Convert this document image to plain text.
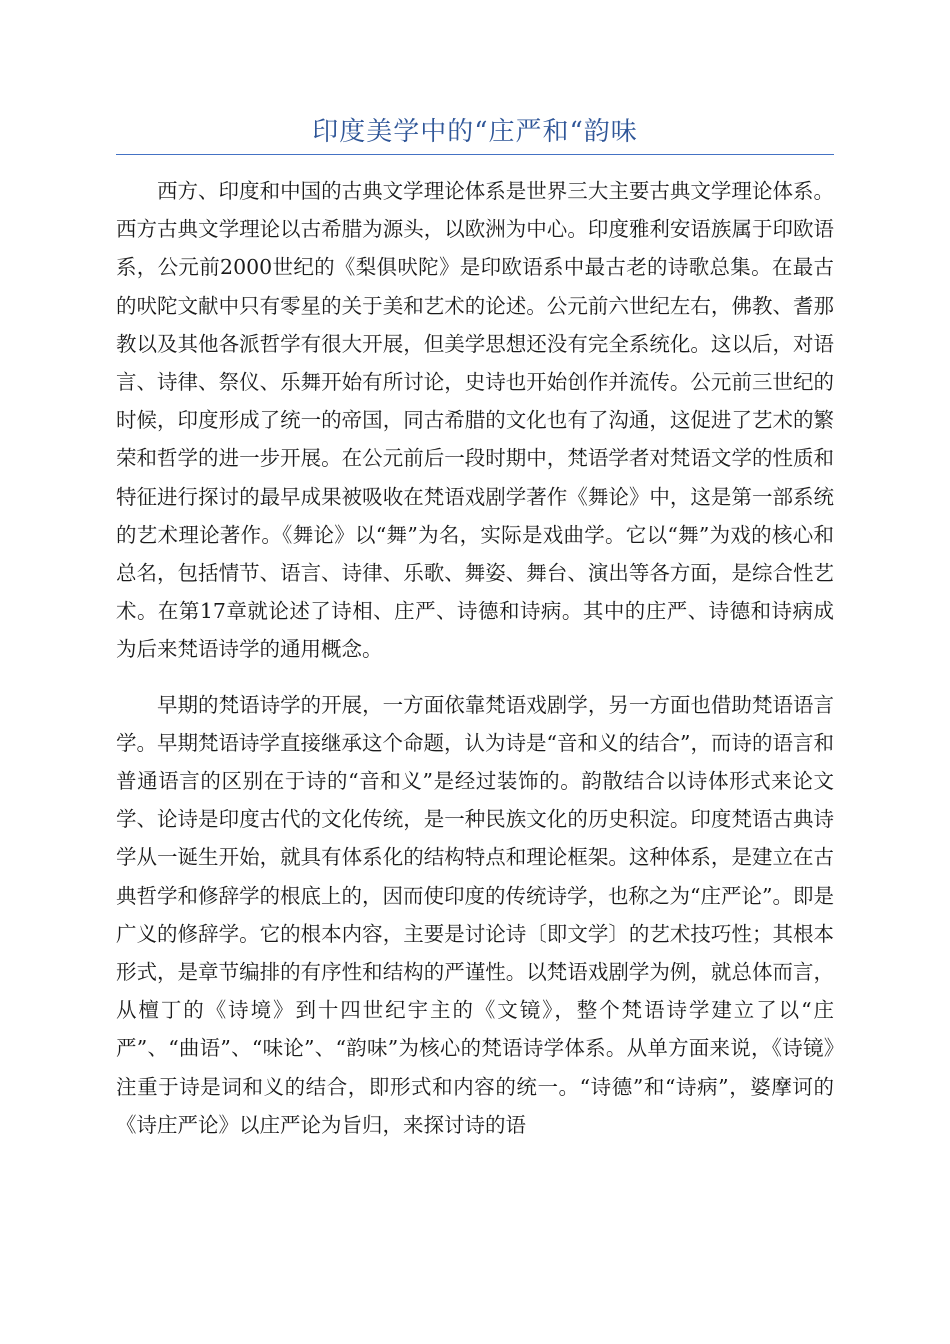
印度美学中的“庄严和“韵味

西方、印度和中国的古典文学理论体系是世界三大主要古典文学理论体系。西方古典文学理论以古希腊为源头，以欧洲为中心。印度雅利安语族属于印欧语系，公元前2000世纪的《梨俱吠陀》是印欧语系中最古老的诗歌总集。在最古的吠陀文献中只有零星的关于美和艺术的论述。公元前六世纪左右，佛教、耆那教以及其他各派哲学有很大开展，但美学思想还没有完全系统化。这以后，对语言、诗律、祭仪、乐舞开始有所讨论，史诗也开始创作并流传。公元前三世纪的时候，印度形成了统一的帝国，同古希腊的文化也有了沟通，这促进了艺术的繁荣和哲学的进一步开展。在公元前后一段时期中，梵语学者对梵语文学的性质和特征进行探讨的最早成果被吸收在梵语戏剧学著作《舞论》中，这是第一部系统的艺术理论著作。《舞论》以“舞”为名，实际是戏曲学。它以“舞”为戏的核心和总名，包括情节、语言、诗律、乐歌、舞姿、舞台、演出等各方面，是综合性艺术。在第17章就论述了诗相、庄严、诗德和诗病。其中的庄严、诗德和诗病成为后来梵语诗学的通用概念。

早期的梵语诗学的开展，一方面依靠梵语戏剧学，另一方面也借助梵语语言学。早期梵语诗学直接继承这个命题，认为诗是“音和义的结合”，而诗的语言和普通语言的区别在于诗的“音和义”是经过装饰的。韵散结合以诗体形式来论文学、论诗是印度古代的文化传统，是一种民族文化的历史积淀。印度梵语古典诗学从一诞生开始，就具有体系化的结构特点和理论框架。这种体系，是建立在古典哲学和修辞学的根底上的，因而使印度的传统诗学，也称之为“庄严论”。即是广义的修辞学。它的根本内容，主要是讨论诗〔即文学〕的艺术技巧性；其根本形式，是章节编排的有序性和结构的严谨性。以梵语戏剧学为例，就总体而言，从檀丁的《诗境》到十四世纪宇主的《文镜》，整个梵语诗学建立了以“庄严”、“曲语”、“味论”、“韵味”为核心的梵语诗学体系。从单方面来说，《诗镜》注重于诗是词和义的结合，即形式和内容的统一。“诗德”和“诗病”，婆摩诃的《诗庄严论》以庄严论为旨归，来探讨诗的语
